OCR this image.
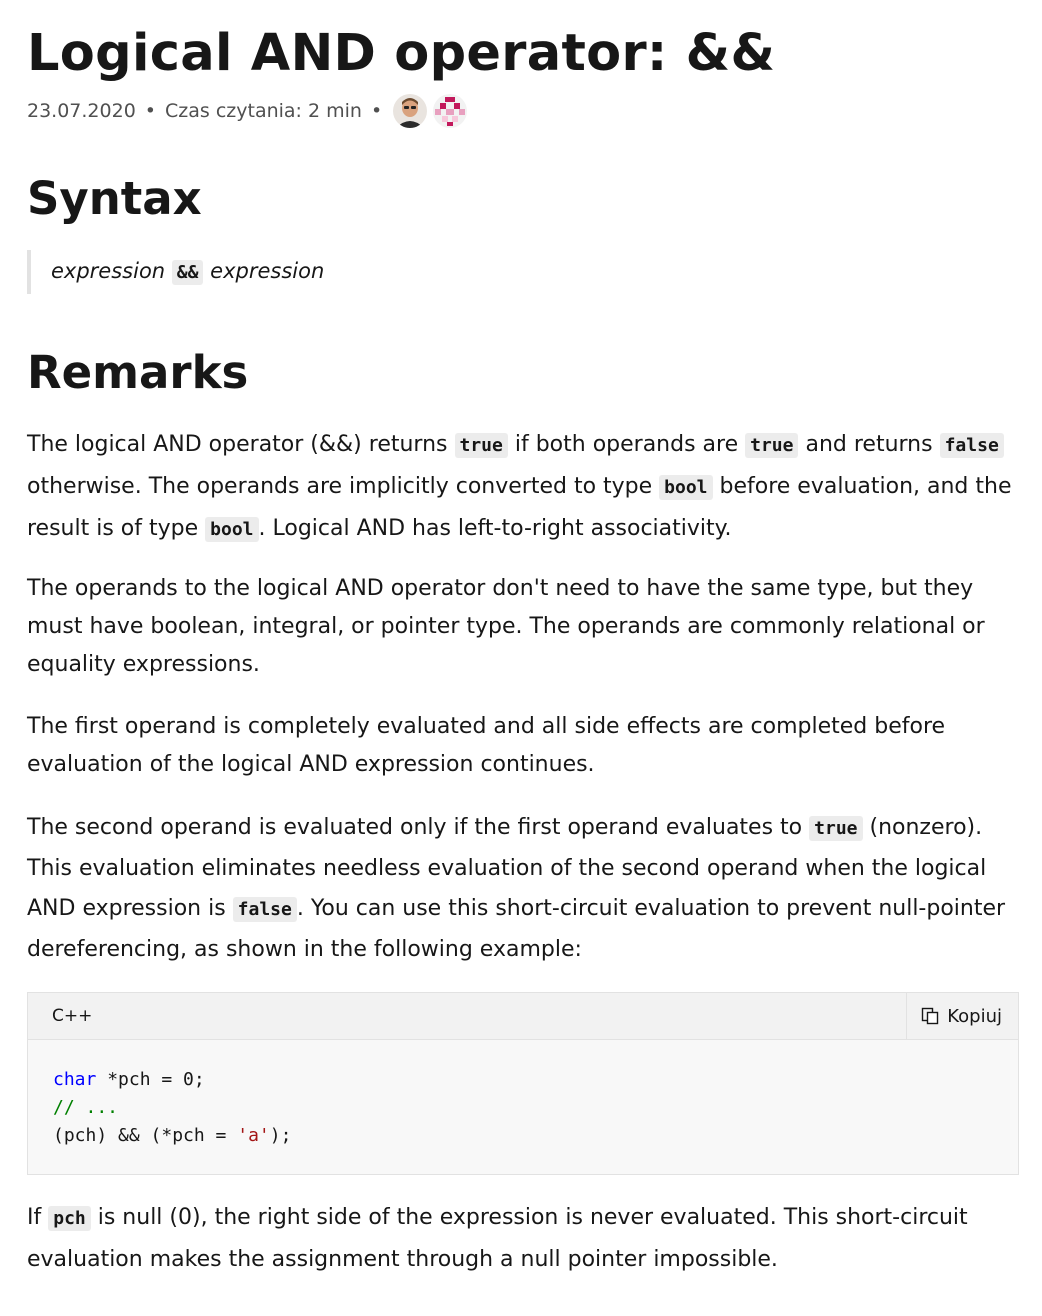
Logical AND operator: &&
23.07.2020 • Czas czytania: 2 min •
Syntax
expression && expression
Remarks

The logical AND operator (&&) returns true if both operands are true and returns false otherwise. The operands are implicitly converted to type bool before evaluation, and the result is of type bool . Logical AND has left-to-right associativity.

The operands to the logical AND operator don't need to have the same type, but they must have boolean, integral, or pointer type. The operands are commonly relational or equality expressions.

The first operand is completely evaluated and all side effects are completed before evaluation of the logical AND expression continues.

The second operand is evaluated only if the first operand evaluates to true (nonzero). This evaluation eliminates needless evaluation of the second operand when the logical AND expression is false . You can use this short-circuit evaluation to prevent null-pointer dereferencing, as shown in the following example:

C++	Kopiuj
char *pch = 0;
// ...
(pch) && (*pch = 'a');

If pch is null (0), the right side of the expression is never evaluated. This short-circuit evaluation makes the assignment through a null pointer impossible.
